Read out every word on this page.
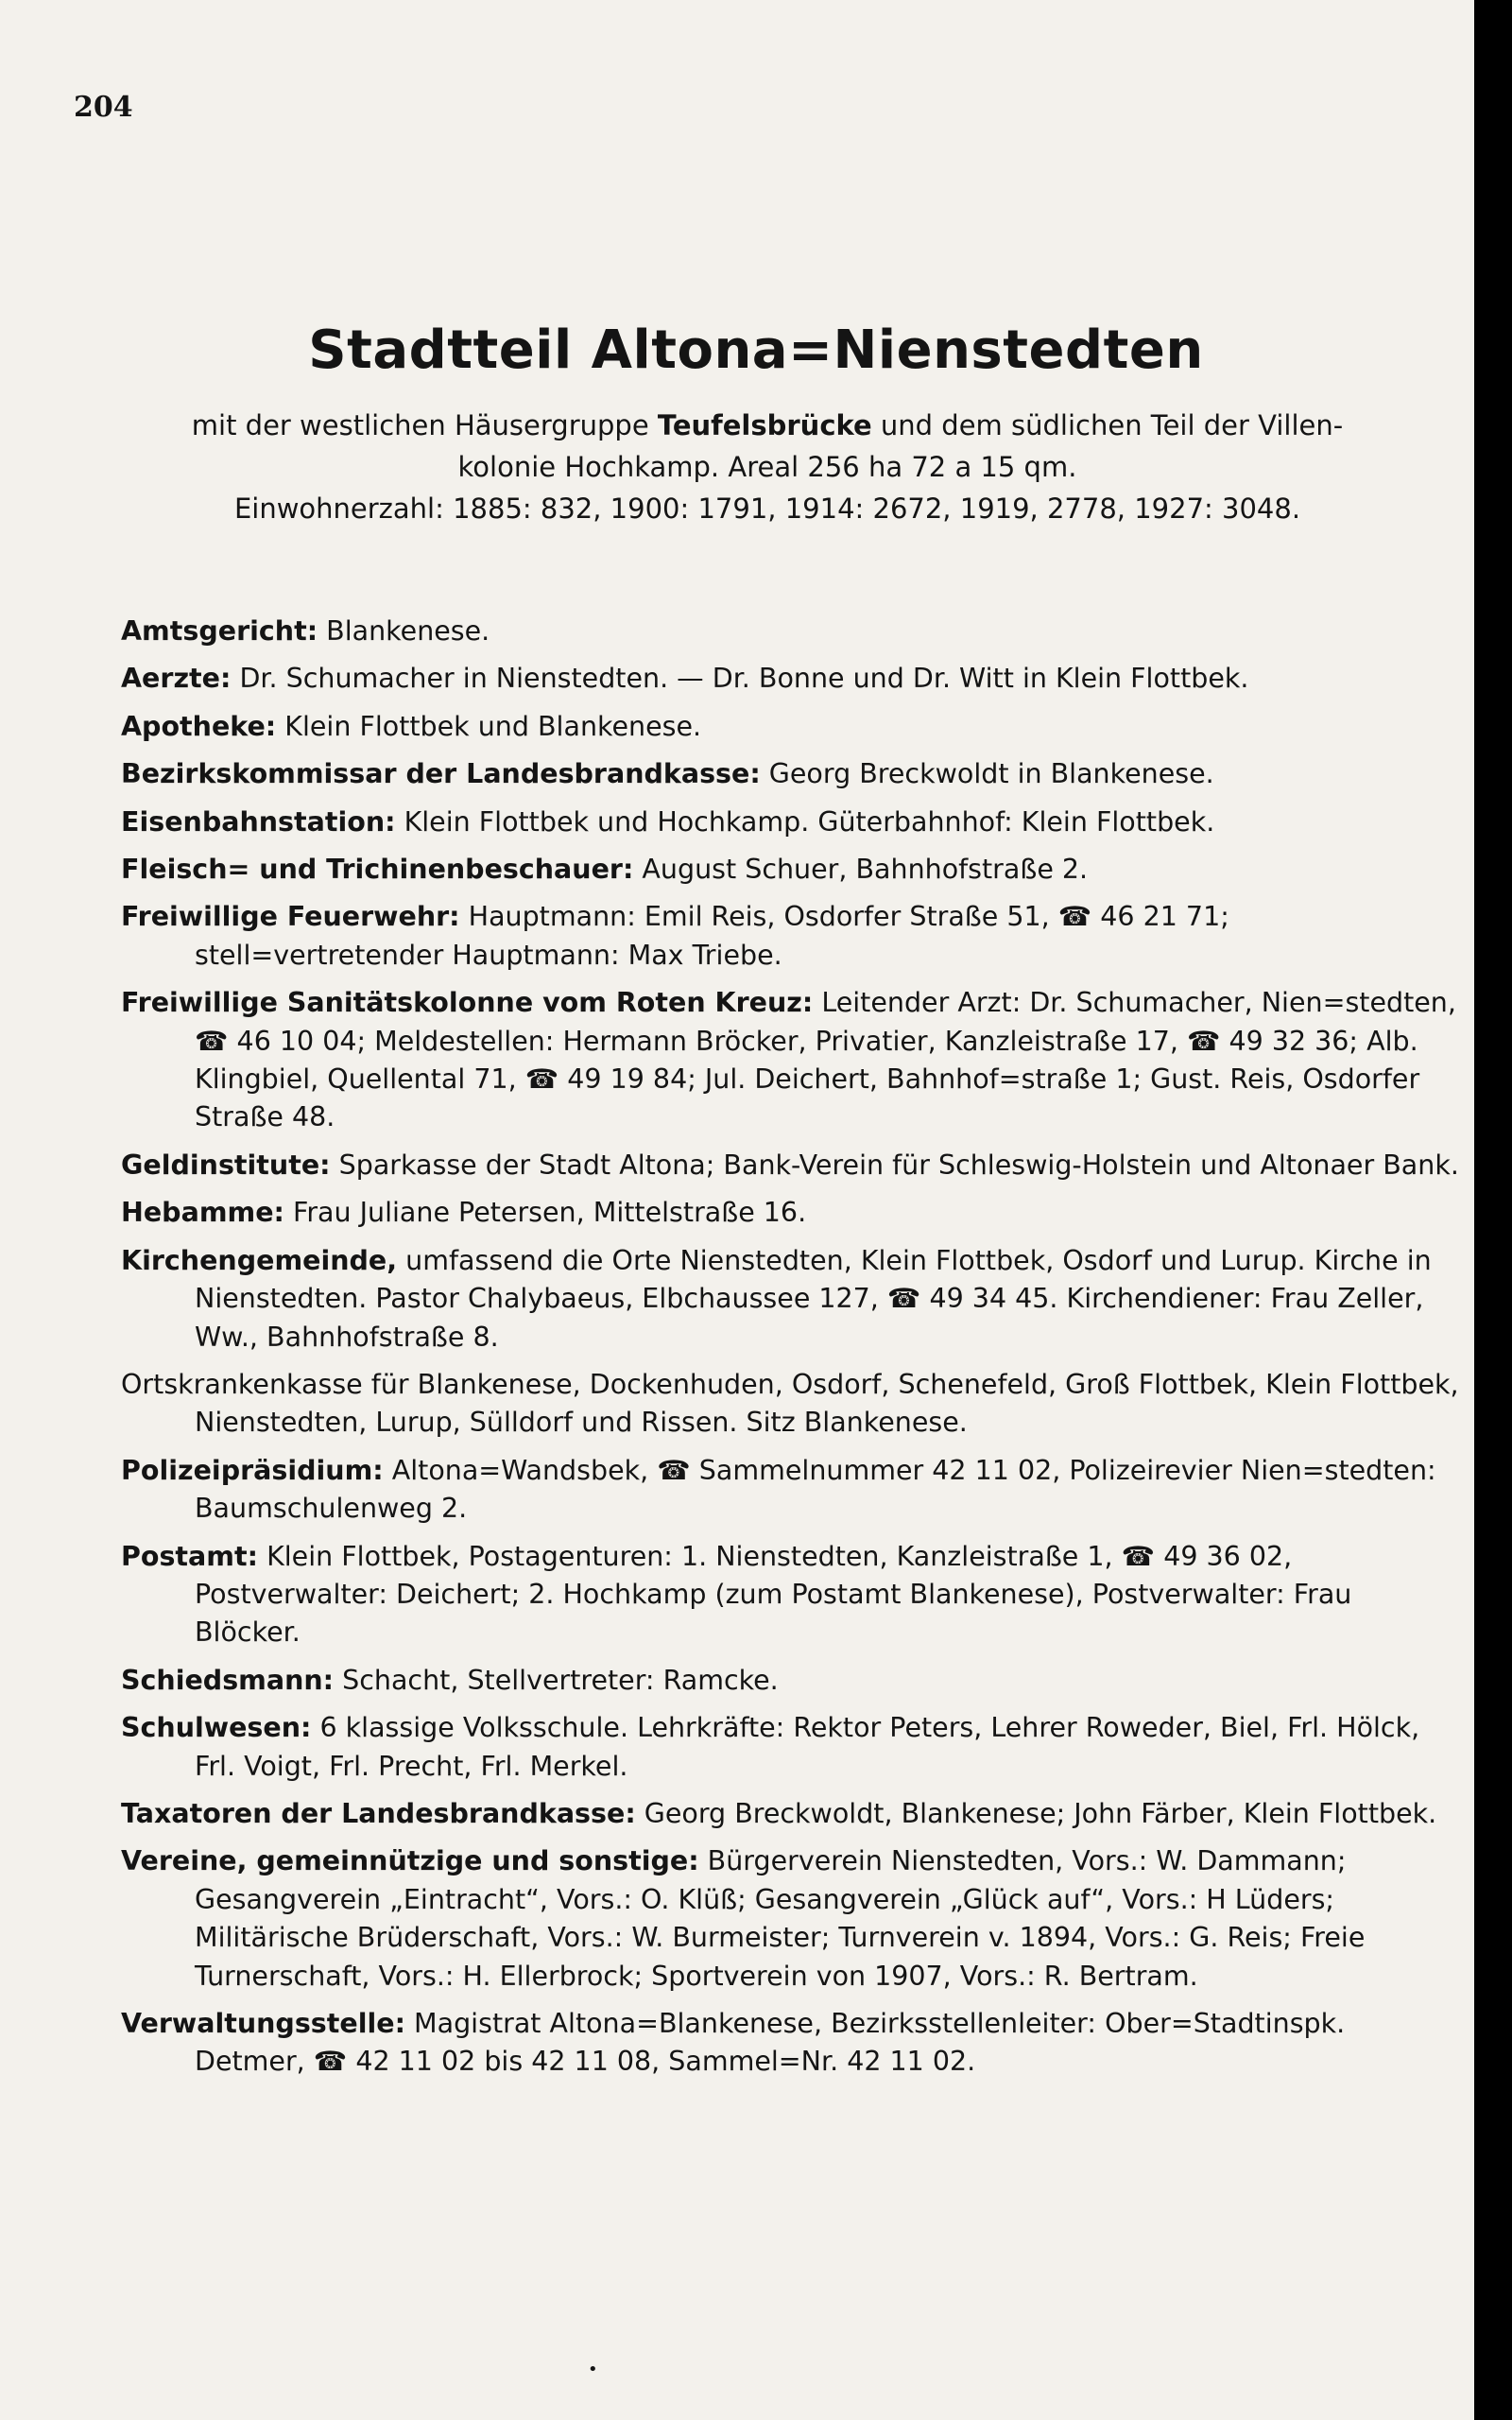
204
Stadtteil Altona=Nienstedten
mit der westlichen Häusergruppe Teufelsbrücke und dem südlichen Teil der Villen-
kolonie Hochkamp. Areal 256 ha 72 a 15 qm.
Einwohnerzahl: 1885: 832, 1900: 1791, 1914: 2672, 1919, 2778, 1927: 3048.
Amtsgericht: Blankenese.
Aerzte: Dr. Schumacher in Nienstedten. — Dr. Bonne und Dr. Witt in Klein Flottbek.
Apotheke: Klein Flottbek und Blankenese.
Bezirkskommissar der Landesbrandkasse: Georg Breckwoldt in Blankenese.
Eisenbahnstation: Klein Flottbek und Hochkamp. Güterbahnhof: Klein Flottbek.
Fleisch= und Trichinenbeschauer: August Schuer, Bahnhofstraße 2.
Freiwillige Feuerwehr: Hauptmann: Emil Reis, Osdorfer Straße 51, ☎ 46 21 71; stell=vertretender Hauptmann: Max Triebe.
Freiwillige Sanitätskolonne vom Roten Kreuz: Leitender Arzt: Dr. Schumacher, Nien=stedten, ☎ 46 10 04; Meldestellen: Hermann Bröcker, Privatier, Kanzleistraße 17, ☎ 49 32 36; Alb. Klingbiel, Quellental 71, ☎ 49 19 84; Jul. Deichert, Bahnhof=straße 1; Gust. Reis, Osdorfer Straße 48.
Geldinstitute: Sparkasse der Stadt Altona; Bank-Verein für Schleswig-Holstein und Altonaer Bank.
Hebamme: Frau Juliane Petersen, Mittelstraße 16.
Kirchengemeinde, umfassend die Orte Nienstedten, Klein Flottbek, Osdorf und Lurup. Kirche in Nienstedten. Pastor Chalybaeus, Elbchaussee 127, ☎ 49 34 45. Kirchendiener: Frau Zeller, Ww., Bahnhofstraße 8.
Ortskrankenkasse für Blankenese, Dockenhuden, Osdorf, Schenefeld, Groß Flottbek, Klein Flottbek, Nienstedten, Lurup, Sülldorf und Rissen. Sitz Blankenese.
Polizeipräsidium: Altona=Wandsbek, ☎ Sammelnummer 42 11 02, Polizeirevier Nien=stedten: Baumschulenweg 2.
Postamt: Klein Flottbek, Postagenturen: 1. Nienstedten, Kanzleistraße 1, ☎ 49 36 02, Postverwalter: Deichert; 2. Hochkamp (zum Postamt Blankenese), Postverwalter: Frau Blöcker.
Schiedsmann: Schacht, Stellvertreter: Ramcke.
Schulwesen: 6 klassige Volksschule. Lehrkräfte: Rektor Peters, Lehrer Roweder, Biel, Frl. Hölck, Frl. Voigt, Frl. Precht, Frl. Merkel.
Taxatoren der Landesbrandkasse: Georg Breckwoldt, Blankenese; John Färber, Klein Flottbek.
Vereine, gemeinnützige und sonstige: Bürgerverein Nienstedten, Vors.: W. Dammann; Gesangverein „Eintracht“, Vors.: O. Klüß; Gesangverein „Glück auf“, Vors.: H Lüders; Militärische Brüderschaft, Vors.: W. Burmeister; Turnverein v. 1894, Vors.: G. Reis; Freie Turnerschaft, Vors.: H. Ellerbrock; Sportverein von 1907, Vors.: R. Bertram.
Verwaltungsstelle: Magistrat Altona=Blankenese, Bezirksstellenleiter: Ober=Stadtinspk. Detmer, ☎ 42 11 02 bis 42 11 08, Sammel=Nr. 42 11 02.
•
